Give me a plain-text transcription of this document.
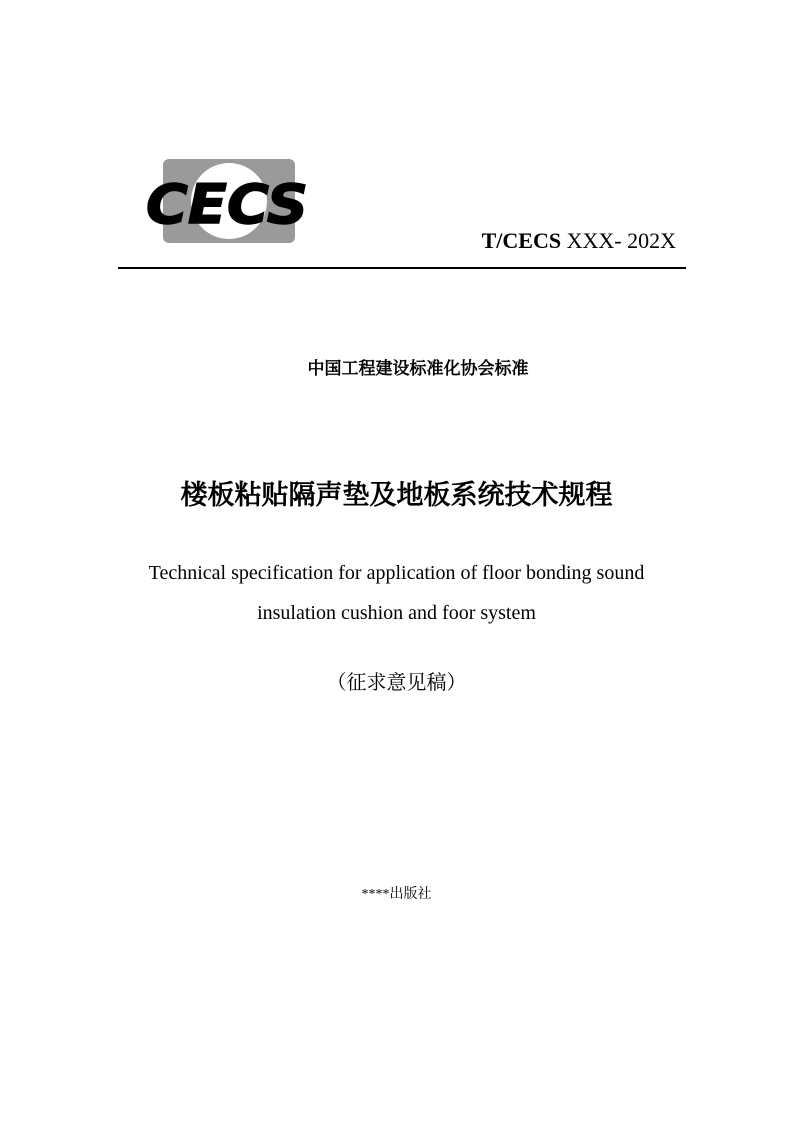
CECS
T/CECS XXX- 202X
中国工程建设标准化协会标准
楼板粘贴隔声垫及地板系统技术规程
Technical specification for application of floor bonding sound
insulation cushion and foor system
（征求意见稿）
****出版社
